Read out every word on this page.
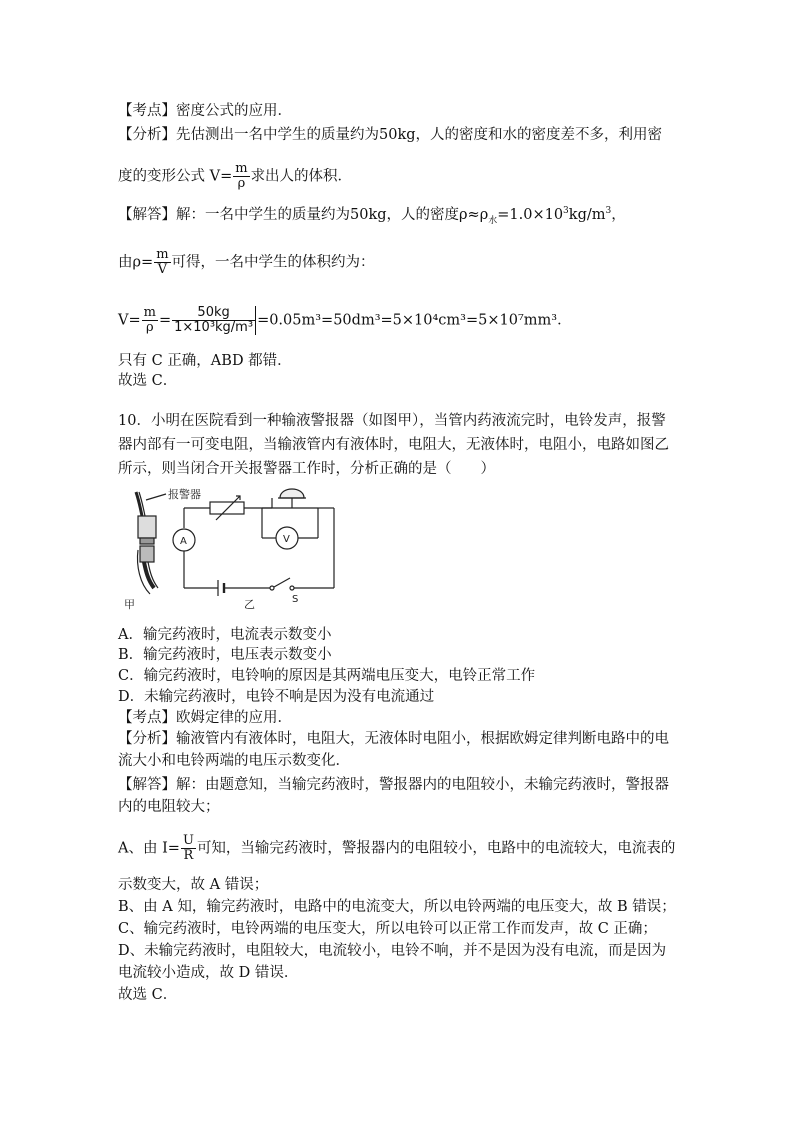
【考点】密度公式的应用．
【分析】先估测出一名中学生的质量约为50kg，人的密度和水的密度差不多，利用密
度的变形公式 $V= \frac{m}{\rho}$ 求出人的体积．
【解答】解：一名中学生的质量约为50kg，人的密度$\rho\approx\rho_水=1.0\times 10^3kg/m^3$，
由$\rho= \frac{m}{V}$ 可得，一名中学生的体积约为：
$V= \frac{m}{\rho} = \frac{50kg}{\text{1×10³kg/m³}} =0.05m^3=50dm^3=5\times 10^4cm^3=5\times 10^7mm^3$．
只有 C 正确，ABD 都错．
故选 C．
10．小明在医院看到一种输液警报器（如图甲），当管内药液流完时，电铃发声，报警
器内部有一可变电阻，当输液管内有液体时，电阻大，无液体时，电阻小，电路如图乙
所示，则当闭合开关报警器工作时，分析正确的是（　　）
报警器
甲	乙
A	V
S
A．输完药液时，电流表示数变小
B．输完药液时，电压表示数变小
C．输完药液时，电铃响的原因是其两端电压变大，电铃正常工作
D．未输完药液时，电铃不响是因为没有电流通过
【考点】欧姆定律的应用．
【分析】输液管内有液体时，电阻大，无液体时电阻小，根据欧姆定律判断电路中的电
流大小和电铃两端的电压示数变化．
【解答】解：由题意知，当输完药液时，警报器内的电阻较小，未输完药液时，警报器
内的电阻较大；
A、由 $I= \frac{U}{R}$ 可知，当输完药液时，警报器内的电阻较小，电路中的电流较大，电流表的
示数变大，故 A 错误；
B、由 A 知，输完药液时，电路中的电流变大，所以电铃两端的电压变大，故 B 错误；
C、输完药液时，电铃两端的电压变大，所以电铃可以正常工作而发声，故 C 正确；
D、未输完药液时，电阻较大，电流较小，电铃不响，并不是因为没有电流，而是因为
电流较小造成，故 D 错误．
故选 C．
